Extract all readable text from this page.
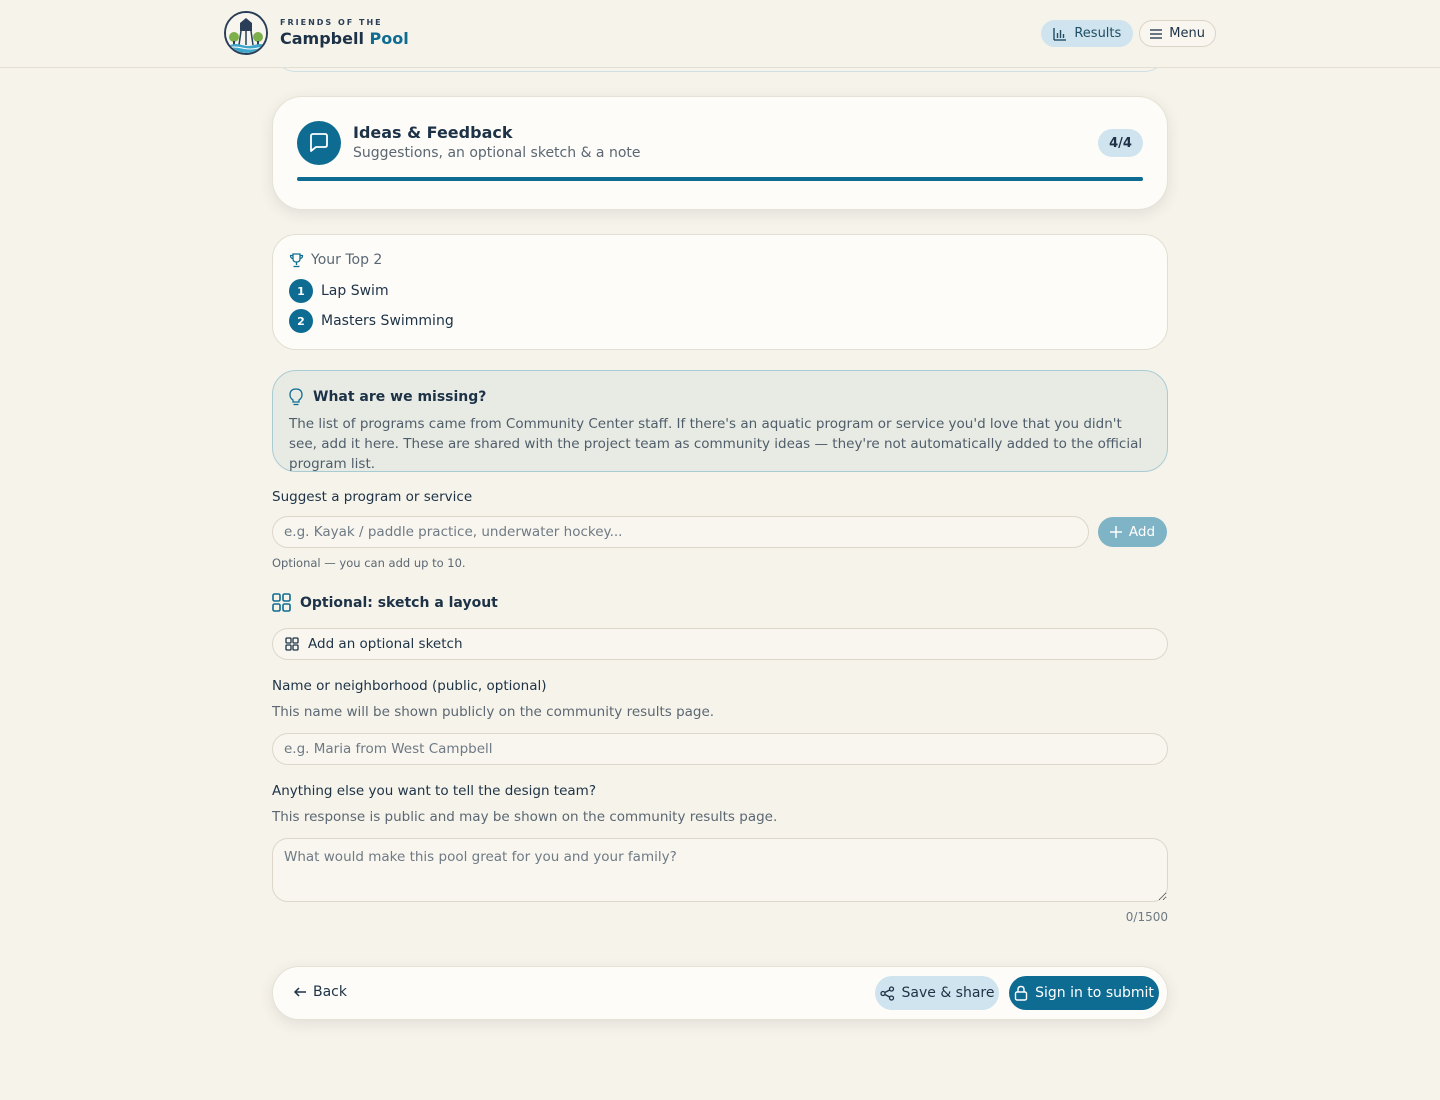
FRIENDS OF THE
Campbell Pool	Results	Menu
Ideas & Feedback
Suggestions, an optional sketch & a note
4/4
Your Top 2
1	Lap Swim
2	Masters Swimming
What are we missing?
The list of programs came from Community Center staff. If there's an aquatic program or service you'd love that you didn't see, add it here. These are shared with the project team as community ideas — they're not automatically added to the official program list.
Suggest a program or service
e.g. Kayak / paddle practice, underwater hockey...
Add
Optional — you can add up to 10.
Optional: sketch a layout
Add an optional sketch
Name or neighborhood (public, optional)
This name will be shown publicly on the community results page.
e.g. Maria from West Campbell
Anything else you want to tell the design team?
This response is public and may be shown on the community results page.
What would make this pool great for you and your family?
0/1500
Back	Save & share	Sign in to submit
